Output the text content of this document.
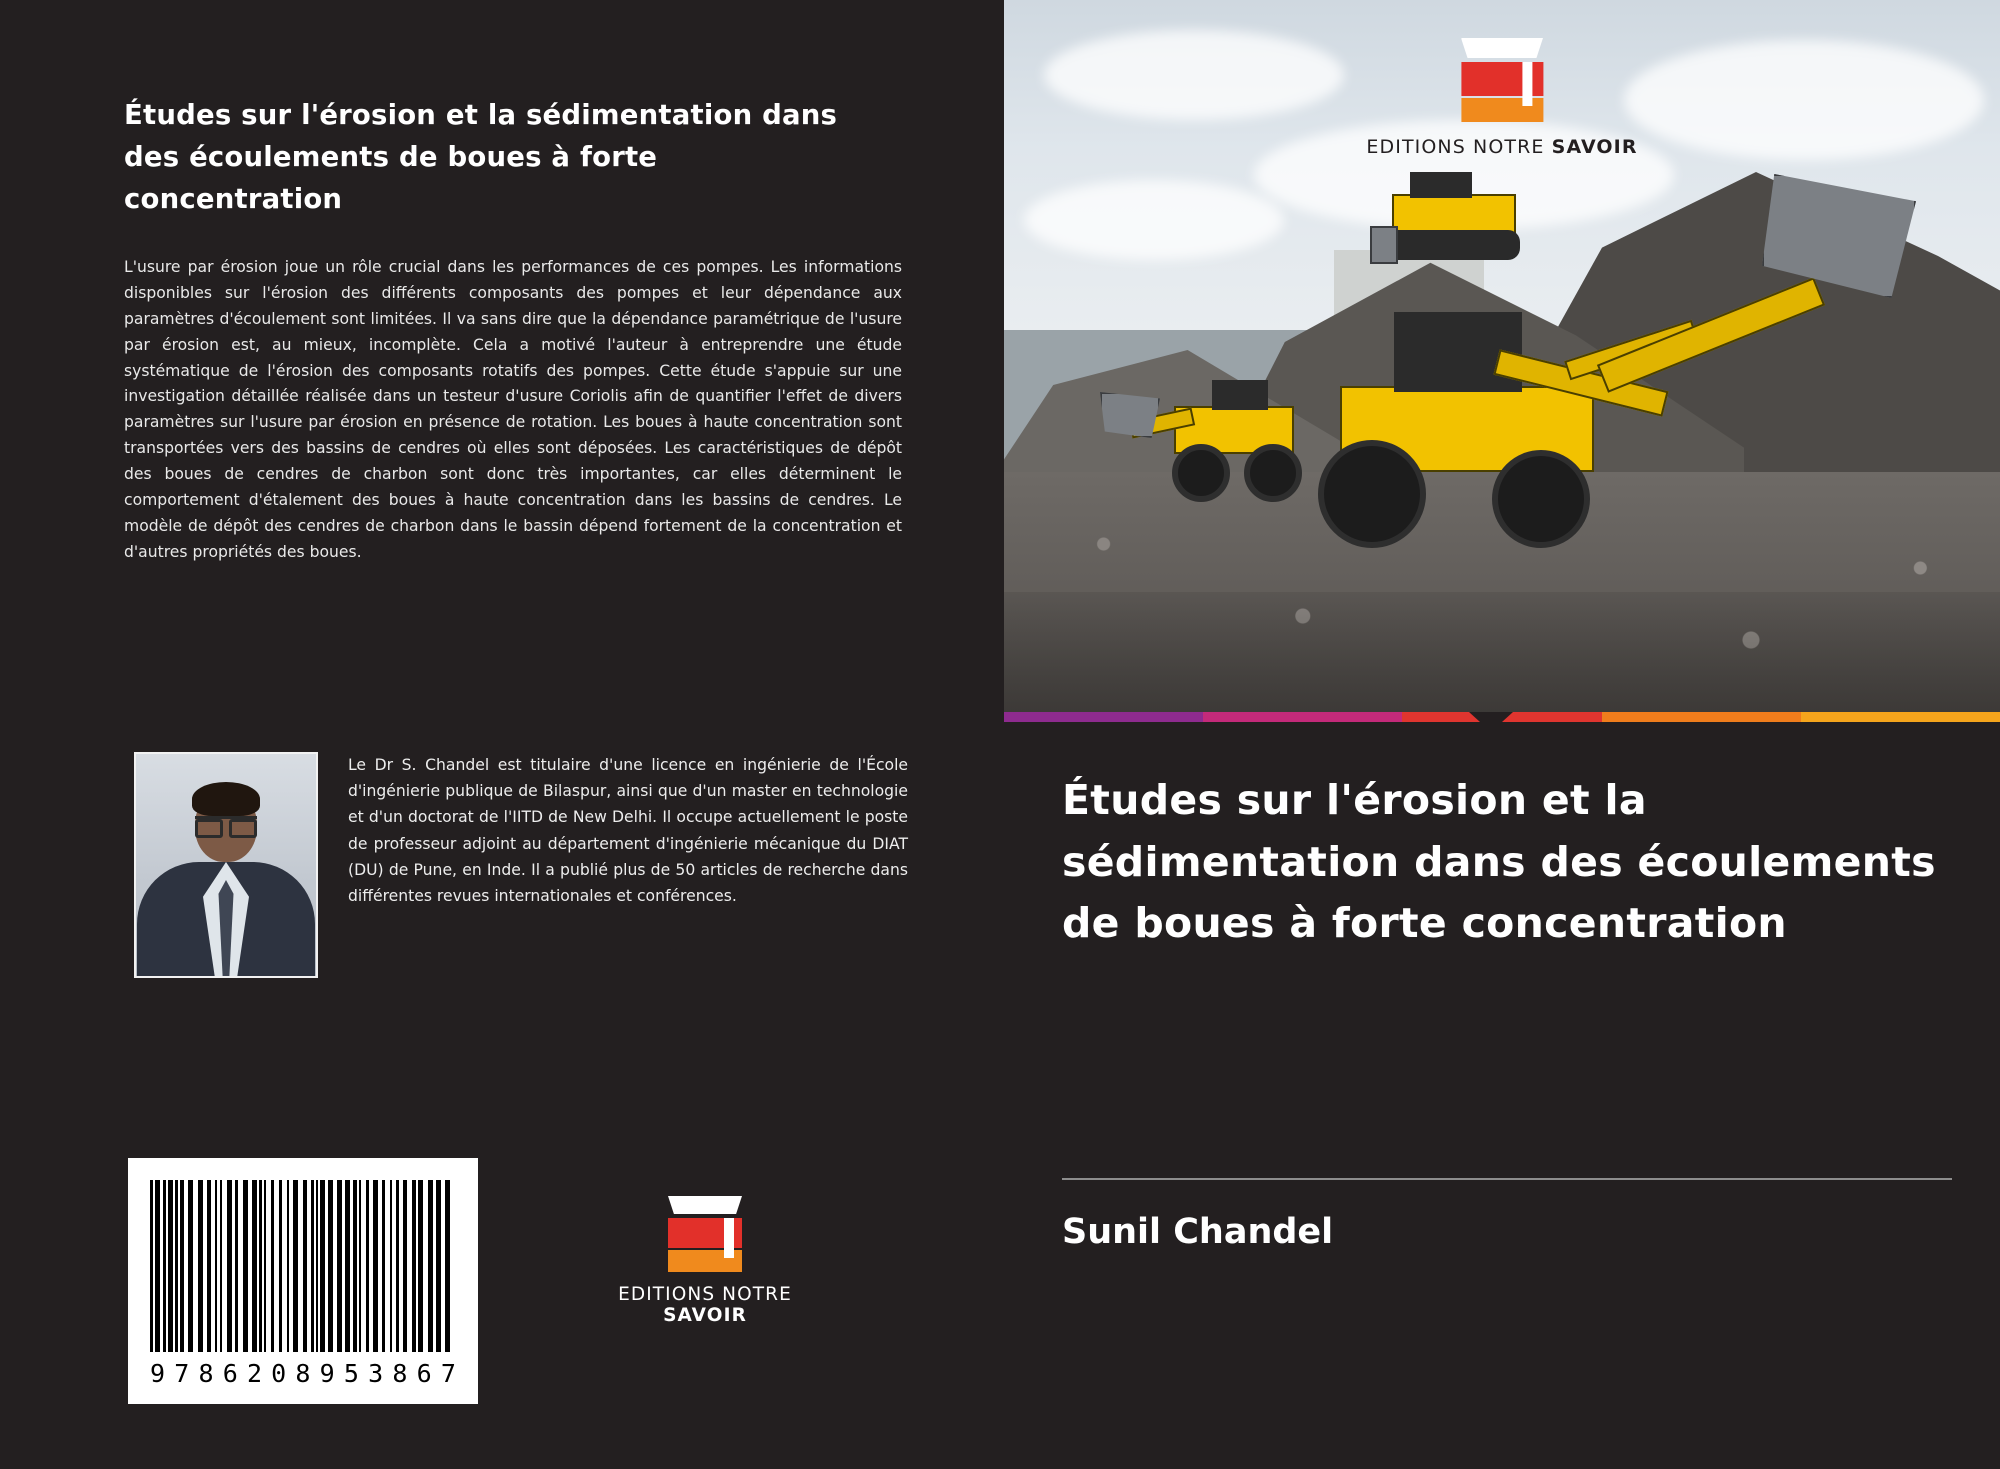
Études sur l'érosion et la sédimentation dans des écoulements de boues à forte concentration
L'usure par érosion joue un rôle crucial dans les performances de ces pompes. Les informations disponibles sur l'érosion des différents composants des pompes et leur dépendance aux paramètres d'écoulement sont limitées. Il va sans dire que la dépendance paramétrique de l'usure par érosion est, au mieux, incomplète. Cela a motivé l'auteur à entreprendre une étude systématique de l'érosion des composants rotatifs des pompes. Cette étude s'appuie sur une investigation détaillée réalisée dans un testeur d'usure Coriolis afin de quantifier l'effet de divers paramètres sur l'usure par érosion en présence de rotation. Les boues à haute concentration sont transportées vers des bassins de cendres où elles sont déposées. Les caractéristiques de dépôt des boues de cendres de charbon sont donc très importantes, car elles déterminent le comportement d'étalement des boues à haute concentration dans les bassins de cendres. Le modèle de dépôt des cendres de charbon dans le bassin dépend fortement de la concentration et d'autres propriétés des boues.
Le Dr S. Chandel est titulaire d'une licence en ingénierie de l'École d'ingénierie publique de Bilaspur, ainsi que d'un master en technologie et d'un doctorat de l'IITD de New Delhi. Il occupe actuellement le poste de professeur adjoint au département d'ingénierie mécanique du DIAT (DU) de Pune, en Inde. Il a publié plus de 50 articles de recherche dans différentes revues internationales et conférences.
9 7 8 6 2 0 8 9 5 3 8 6 7
EDITIONS NOTRE SAVOIR
EDITIONS NOTRE SAVOIR
Études sur l'érosion et la sédimentation dans des écoulements de boues à forte concentration
Sunil Chandel
